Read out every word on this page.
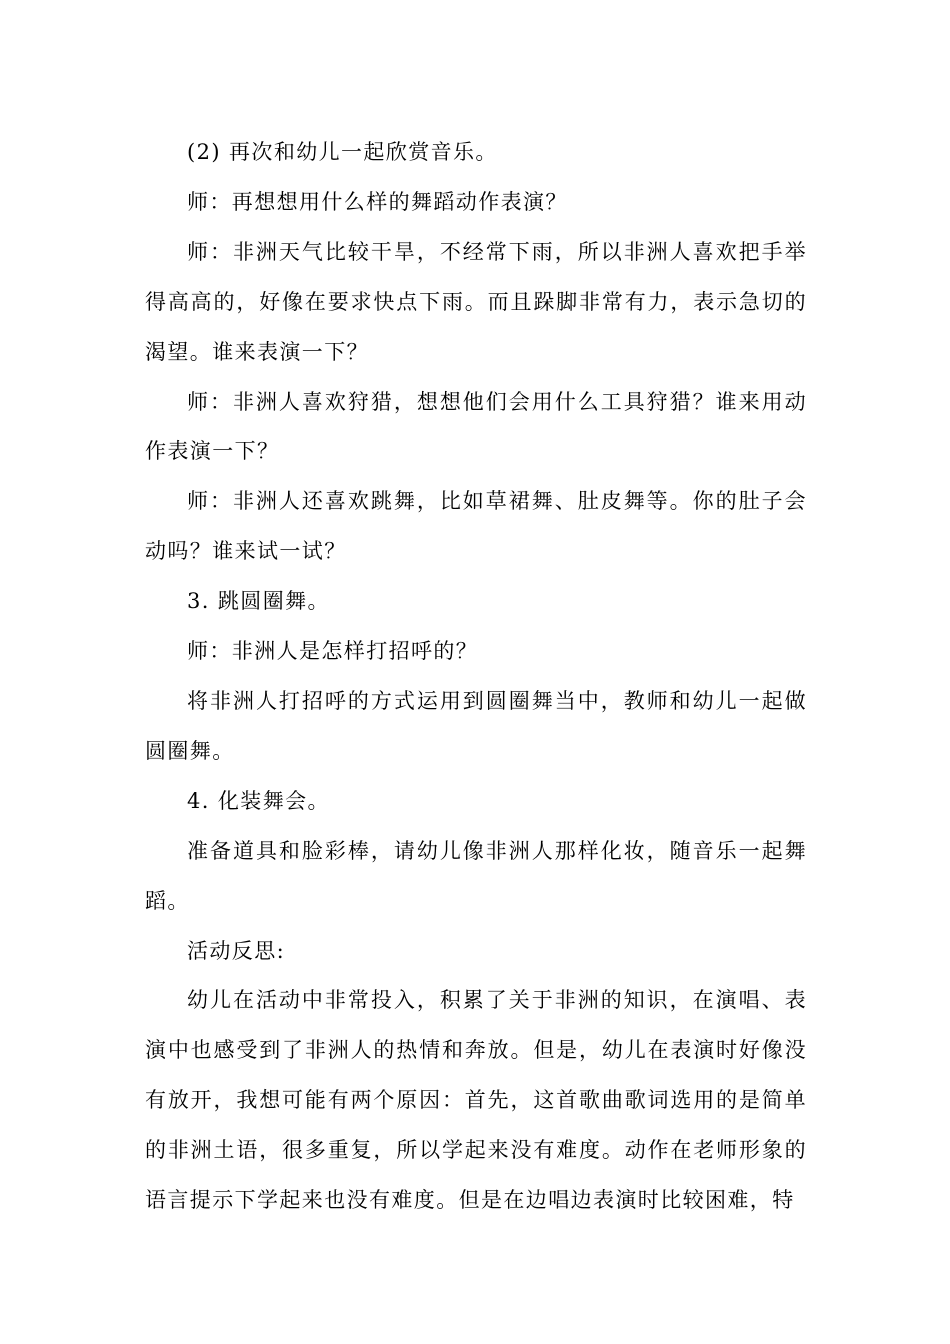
(2) 再次和幼儿一起欣赏音乐。

师：再想想用什么样的舞蹈动作表演？

师：非洲天气比较干旱，不经常下雨，所以非洲人喜欢把手举得高高的，好像在要求快点下雨。而且跺脚非常有力，表示急切的渴望。谁来表演一下？

师：非洲人喜欢狩猎，想想他们会用什么工具狩猎？谁来用动作表演一下？

师：非洲人还喜欢跳舞，比如草裙舞、肚皮舞等。你的肚子会动吗？谁来试一试？

3. 跳圆圈舞。

师：非洲人是怎样打招呼的？

将非洲人打招呼的方式运用到圆圈舞当中，教师和幼儿一起做圆圈舞。

4. 化装舞会。

准备道具和脸彩棒，请幼儿像非洲人那样化妆，随音乐一起舞蹈。

活动反思:

幼儿在活动中非常投入，积累了关于非洲的知识，在演唱、表演中也感受到了非洲人的热情和奔放。但是，幼儿在表演时好像没有放开，我想可能有两个原因：首先，这首歌曲歌词选用的是简单的非洲土语，很多重复，所以学起来没有难度。动作在老师形象的语言提示下学起来也没有难度。但是在边唱边表演时比较困难，特
